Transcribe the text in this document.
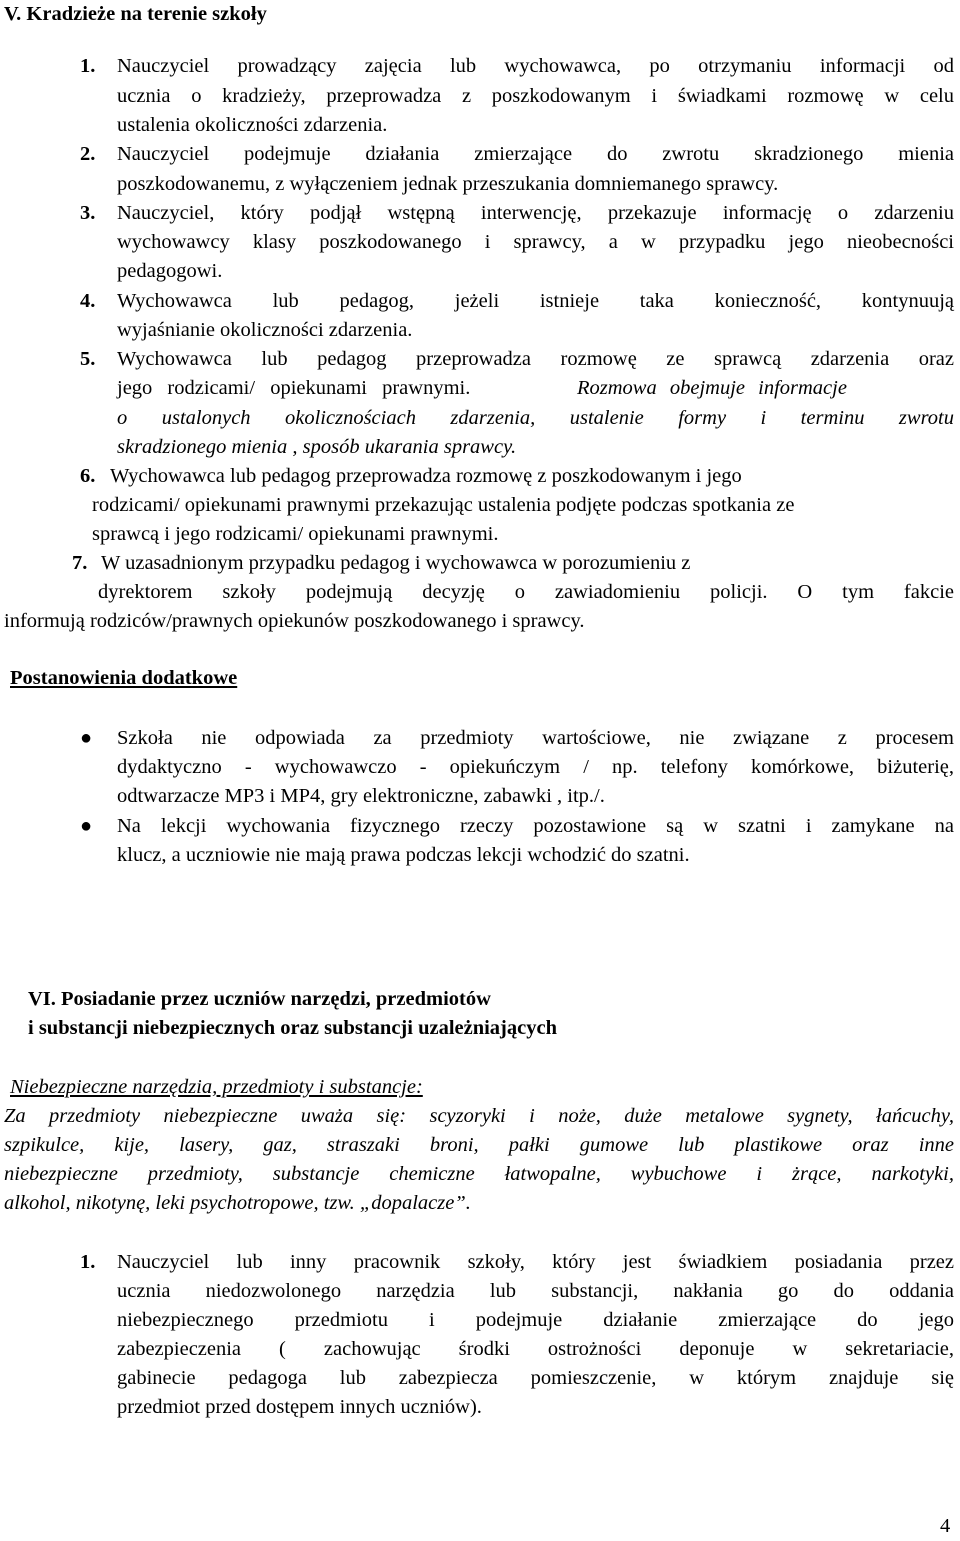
V. Kradzieże na terenie szkoły
1. Nauczyciel prowadzący zajęcia lub wychowawca, po otrzymaniu informacji od
ucznia o kradzieży, przeprowadza z poszkodowanym i świadkami rozmowę w celu
ustalenia okoliczności zdarzenia.
2. Nauczyciel podejmuje działania zmierzające do zwrotu skradzionego mienia
poszkodowanemu, z wyłączeniem jednak przeszukania domniemanego sprawcy.
3. Nauczyciel, który podjął wstępną interwencję, przekazuje informację o zdarzeniu
wychowawcy klasy poszkodowanego i sprawcy, a w przypadku jego nieobecności
pedagogowi.
4. Wychowawca lub pedagog, jeżeli istnieje taka konieczność, kontynuują
wyjaśnianie okoliczności zdarzenia.
5. Wychowawca lub pedagog przeprowadza rozmowę ze sprawcą zdarzenia oraz
jego rodzicami/ opiekunami prawnymi.	Rozmowa obejmuje informacje
o ustalonych okolicznościach zdarzenia, ustalenie formy i terminu zwrotu
skradzionego mienia , sposób ukarania sprawcy.
6. Wychowawca lub pedagog przeprowadza rozmowę z poszkodowanym i jego
rodzicami/ opiekunami prawnymi przekazując ustalenia podjęte podczas spotkania ze
sprawcą i jego rodzicami/ opiekunami prawnymi.
7. W uzasadnionym przypadku pedagog i wychowawca w porozumieniu z
dyrektorem szkoły podejmują decyzję o zawiadomieniu policji. O tym fakcie
informują rodziców/prawnych opiekunów poszkodowanego i sprawcy.
Postanowienia dodatkowe
● Szkoła nie odpowiada za przedmioty wartościowe, nie związane z procesem
dydaktyczno - wychowawczo - opiekuńczym / np. telefony komórkowe, biżuterię,
odtwarzacze MP3 i MP4, gry elektroniczne, zabawki , itp./.
● Na lekcji wychowania fizycznego rzeczy pozostawione są w szatni i zamykane na
klucz, a uczniowie nie mają prawa podczas lekcji wchodzić do szatni.
VI. Posiadanie przez uczniów narzędzi, przedmiotów
i substancji niebezpiecznych oraz substancji uzależniających
Niebezpieczne narzędzia, przedmioty i substancje:
Za przedmioty niebezpieczne uważa się: scyzoryki i noże, duże metalowe sygnety, łańcuchy,
szpikulce, kije, lasery, gaz, straszaki broni, pałki gumowe lub plastikowe oraz inne
niebezpieczne przedmioty, substancje chemiczne łatwopalne, wybuchowe i żrące, narkotyki,
alkohol, nikotynę, leki psychotropowe, tzw. „dopalacze”.
1. Nauczyciel lub inny pracownik szkoły, który jest świadkiem posiadania przez
ucznia niedozwolonego narzędzia lub substancji, nakłania go do oddania
niebezpiecznego przedmiotu i podejmuje działanie zmierzające do jego
zabezpieczenia ( zachowując środki ostrożności deponuje w sekretariacie,
gabinecie pedagoga lub zabezpiecza pomieszczenie, w którym znajduje się
przedmiot przed dostępem innych uczniów).
4
